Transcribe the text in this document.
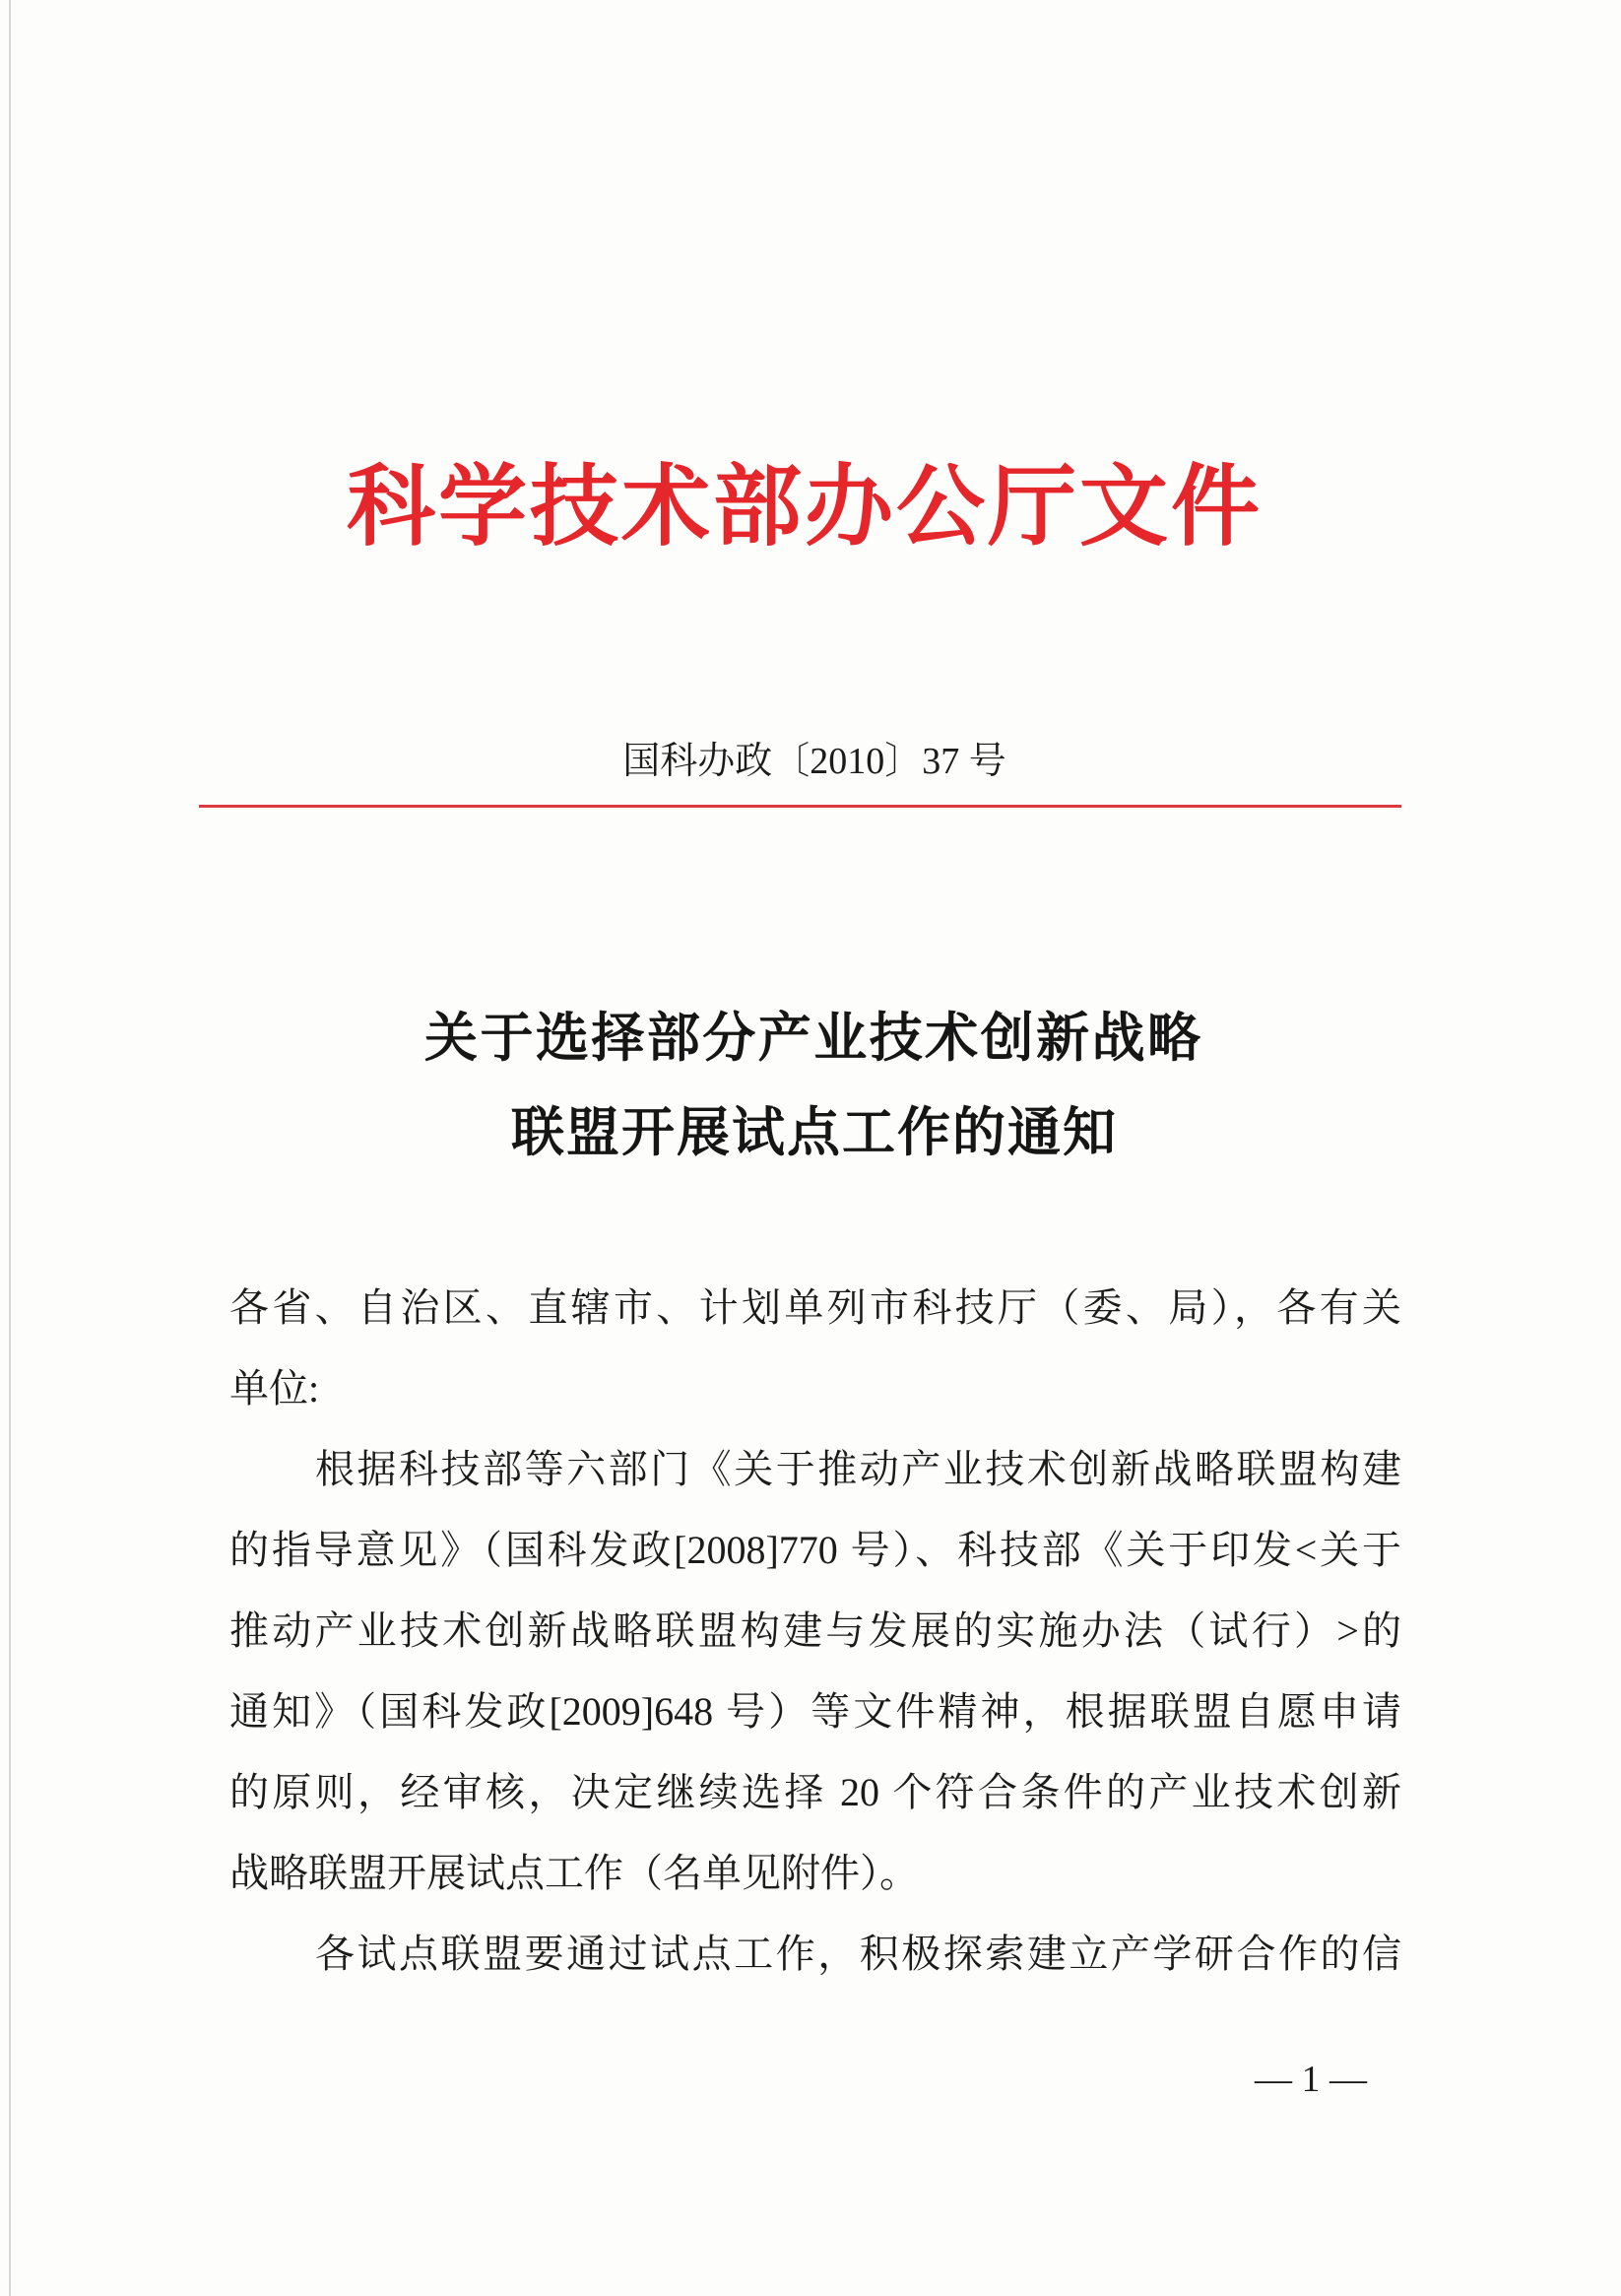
科学技术部办公厅文件
国科办政〔2010〕37 号
关于选择部分产业技术创新战略
联盟开展试点工作的通知
各省、自治区、直辖市、计划单列市科技厅（委、局），各有关
单位:
根据科技部等六部门《关于推动产业技术创新战略联盟构建
的指导意见》（国科发政[2008]770 号）、科技部《关于印发<关于
推动产业技术创新战略联盟构建与发展的实施办法（试行）>的
通知》（国科发政[2009]648 号）等文件精神，根据联盟自愿申请
的原则，经审核，决定继续选择 20 个符合条件的产业技术创新
战略联盟开展试点工作（名单见附件）。
各试点联盟要通过试点工作，积极探索建立产学研合作的信
— 1 —
